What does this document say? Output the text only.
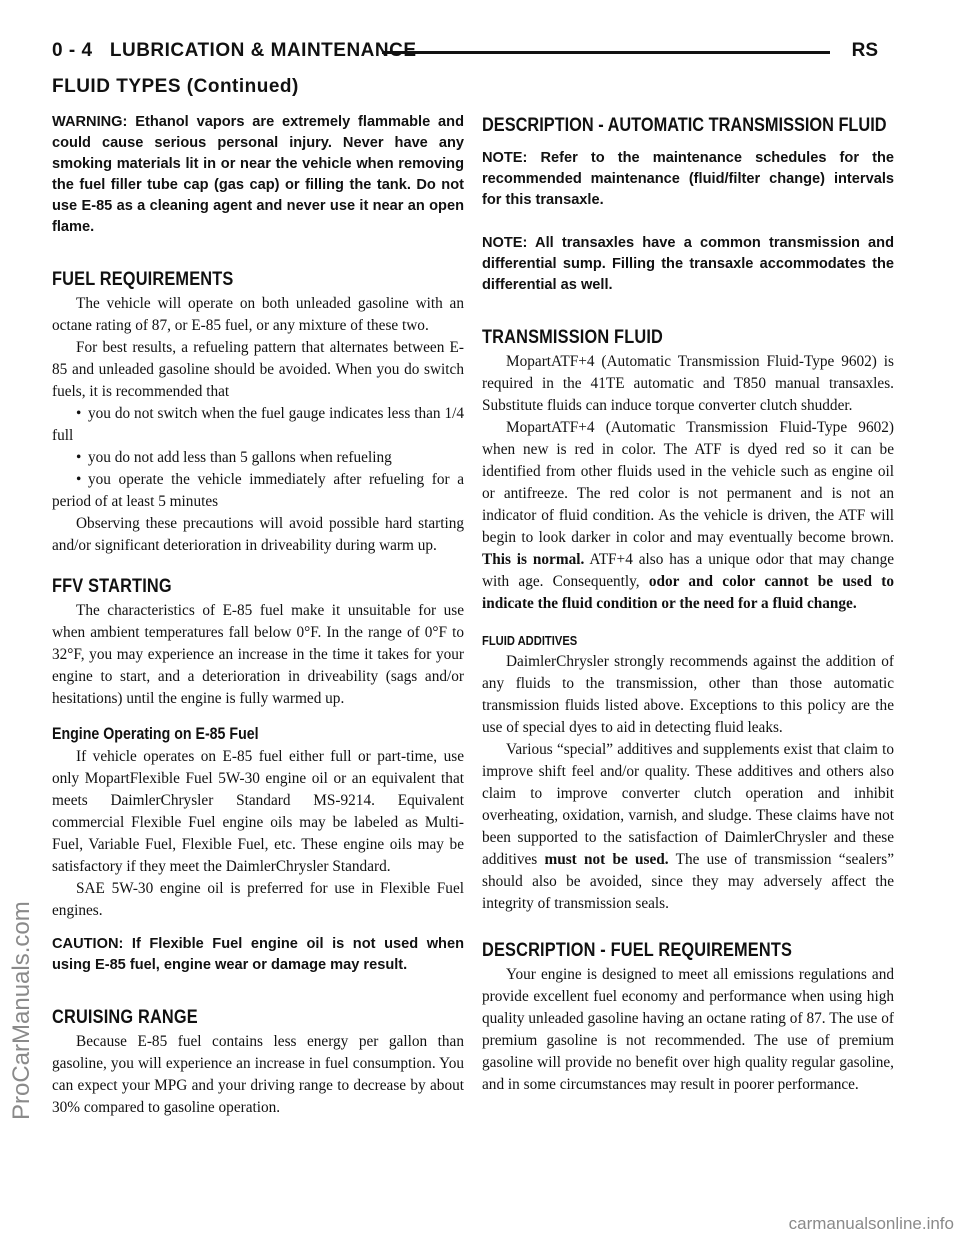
0 - 4 LUBRICATION & MAINTENANCE	RS
FLUID TYPES (Continued)

WARNING: Ethanol vapors are extremely flammable and could cause serious personal injury. Never have any smoking materials lit in or near the vehicle when removing the fuel filler tube cap (gas cap) or filling the tank. Do not use E-85 as a cleaning agent and never use it near an open flame.

FUEL REQUIREMENTS

The vehicle will operate on both unleaded gasoline with an octane rating of 87, or E-85 fuel, or any mixture of these two.

For best results, a refueling pattern that alternates between E-85 and unleaded gasoline should be avoided. When you do switch fuels, it is recommended that

• you do not switch when the fuel gauge indicates less than 1/4 full

• you do not add less than 5 gallons when refueling

• you operate the vehicle immediately after refueling for a period of at least 5 minutes

Observing these precautions will avoid possible hard starting and/or significant deterioration in driveability during warm up.

FFV STARTING

The characteristics of E-85 fuel make it unsuitable for use when ambient temperatures fall below 0°F. In the range of 0°F to 32°F, you may experience an increase in the time it takes for your engine to start, and a deterioration in driveability (sags and/or hesitations) until the engine is fully warmed up.

Engine Operating on E-85 Fuel

If vehicle operates on E-85 fuel either full or part-time, use only MopartFlexible Fuel 5W-30 engine oil or an equivalent that meets DaimlerChrysler Standard MS-9214. Equivalent commercial Flexible Fuel engine oils may be labeled as Multi-Fuel, Variable Fuel, Flexible Fuel, etc. These engine oils may be satisfactory if they meet the DaimlerChrysler Standard.

SAE 5W-30 engine oil is preferred for use in Flexible Fuel engines.

CAUTION: If Flexible Fuel engine oil is not used when using E-85 fuel, engine wear or damage may result.

CRUISING RANGE

Because E-85 fuel contains less energy per gallon than gasoline, you will experience an increase in fuel consumption. You can expect your MPG and your driving range to decrease by about 30% compared to gasoline operation.

DESCRIPTION - AUTOMATIC TRANSMISSION FLUID

NOTE: Refer to the maintenance schedules for the recommended maintenance (fluid/filter change) intervals for this transaxle.

NOTE: All transaxles have a common transmission and differential sump. Filling the transaxle accommodates the differential as well.

TRANSMISSION FLUID

MopartATF+4 (Automatic Transmission Fluid-Type 9602) is required in the 41TE automatic and T850 manual transaxles. Substitute fluids can induce torque converter clutch shudder.

MopartATF+4 (Automatic Transmission Fluid-Type 9602) when new is red in color. The ATF is dyed red so it can be identified from other fluids used in the vehicle such as engine oil or antifreeze. The red color is not permanent and is not an indicator of fluid condition. As the vehicle is driven, the ATF will begin to look darker in color and may eventually become brown. This is normal. ATF+4 also has a unique odor that may change with age. Consequently, odor and color cannot be used to indicate the fluid condition or the need for a fluid change.

FLUID ADDITIVES

DaimlerChrysler strongly recommends against the addition of any fluids to the transmission, other than those automatic transmission fluids listed above. Exceptions to this policy are the use of special dyes to aid in detecting fluid leaks.

Various “special” additives and supplements exist that claim to improve shift feel and/or quality. These additives and others also claim to improve converter clutch operation and inhibit overheating, oxidation, varnish, and sludge. These claims have not been supported to the satisfaction of DaimlerChrysler and these additives must not be used. The use of transmission “sealers” should also be avoided, since they may adversely affect the integrity of transmission seals.

DESCRIPTION - FUEL REQUIREMENTS

Your engine is designed to meet all emissions regulations and provide excellent fuel economy and performance when using high quality unleaded gasoline having an octane rating of 87. The use of premium gasoline is not recommended. The use of premium gasoline will provide no benefit over high quality regular gasoline, and in some circumstances may result in poorer performance.

ProCarManuals.com
carmanualsonline.info
